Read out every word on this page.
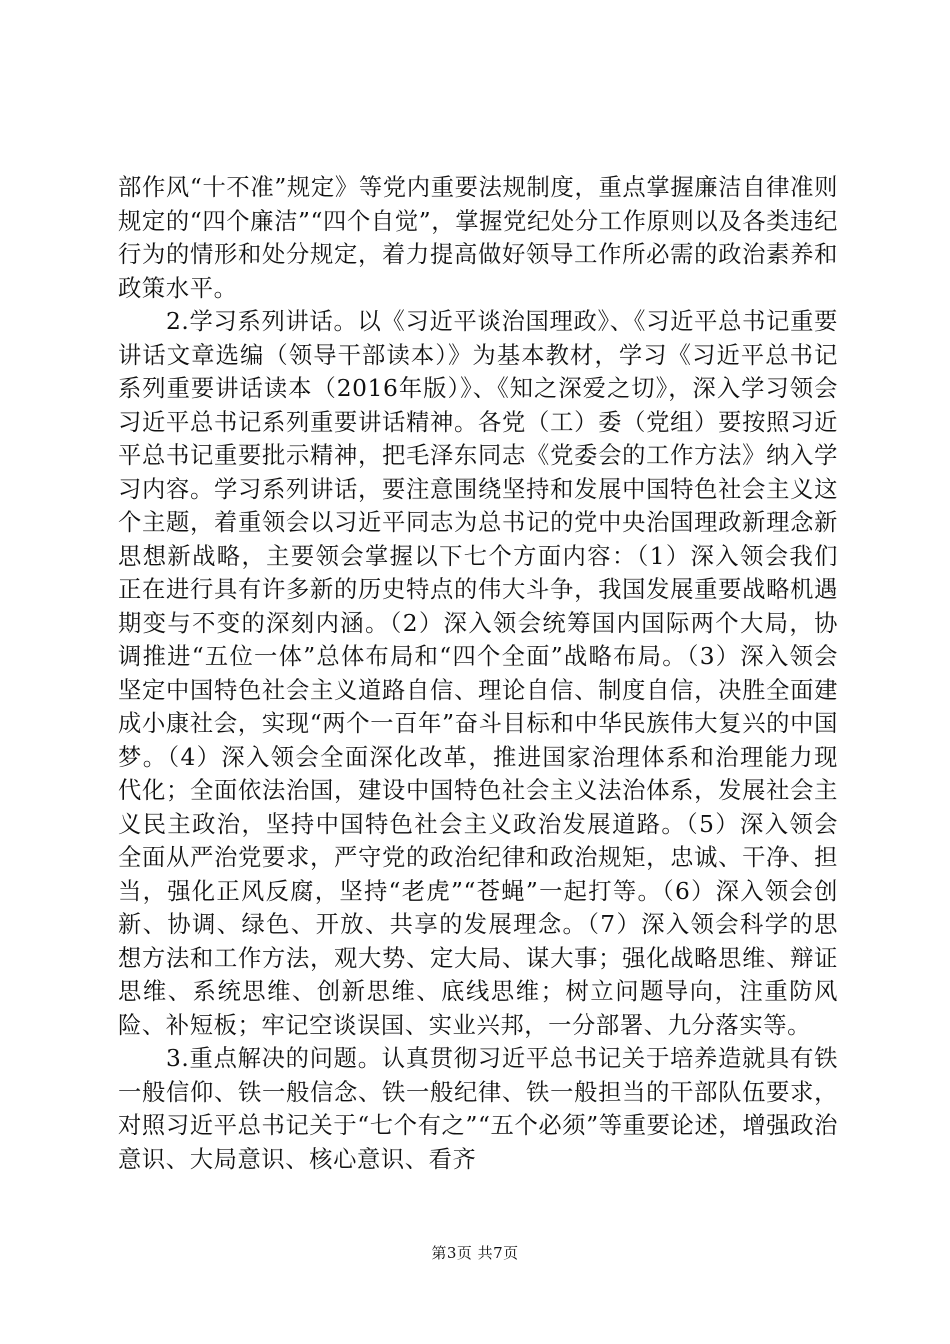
部作风“十不准”规定》等党内重要法规制度，重点掌握廉洁自律准则规定的“四个廉洁”“四个自觉”，掌握党纪处分工作原则以及各类违纪行为的情形和处分规定，着力提高做好领导工作所必需的政治素养和政策水平。

2.学习系列讲话。以《习近平谈治国理政》、《习近平总书记重要讲话文章选编（领导干部读本）》为基本教材，学习《习近平总书记系列重要讲话读本（2016年版）》、《知之深爱之切》，深入学习领会习近平总书记系列重要讲话精神。各党（工）委（党组）要按照习近平总书记重要批示精神，把毛泽东同志《党委会的工作方法》纳入学习内容。学习系列讲话，要注意围绕坚持和发展中国特色社会主义这个主题，着重领会以习近平同志为总书记的党中央治国理政新理念新思想新战略，主要领会掌握以下七个方面内容：（1）深入领会我们正在进行具有许多新的历史特点的伟大斗争，我国发展重要战略机遇期变与不变的深刻内涵。（2）深入领会统筹国内国际两个大局，协调推进“五位一体”总体布局和“四个全面”战略布局。（3）深入领会坚定中国特色社会主义道路自信、理论自信、制度自信，决胜全面建成小康社会，实现“两个一百年”奋斗目标和中华民族伟大复兴的中国梦。（4）深入领会全面深化改革，推进国家治理体系和治理能力现代化；全面依法治国，建设中国特色社会主义法治体系，发展社会主义民主政治，坚持中国特色社会主义政治发展道路。（5）深入领会全面从严治党要求，严守党的政治纪律和政治规矩，忠诚、干净、担当，强化正风反腐，坚持“老虎”“苍蝇”一起打等。（6）深入领会创新、协调、绿色、开放、共享的发展理念。（7）深入领会科学的思想方法和工作方法，观大势、定大局、谋大事；强化战略思维、辩证思维、系统思维、创新思维、底线思维；树立问题导向，注重防风险、补短板；牢记空谈误国、实业兴邦，一分部署、九分落实等。

3.重点解决的问题。认真贯彻习近平总书记关于培养造就具有铁一般信仰、铁一般信念、铁一般纪律、铁一般担当的干部队伍要求，对照习近平总书记关于“七个有之”“五个必须”等重要论述，增强政治意识、大局意识、核心意识、看齐

第3页 共7页
